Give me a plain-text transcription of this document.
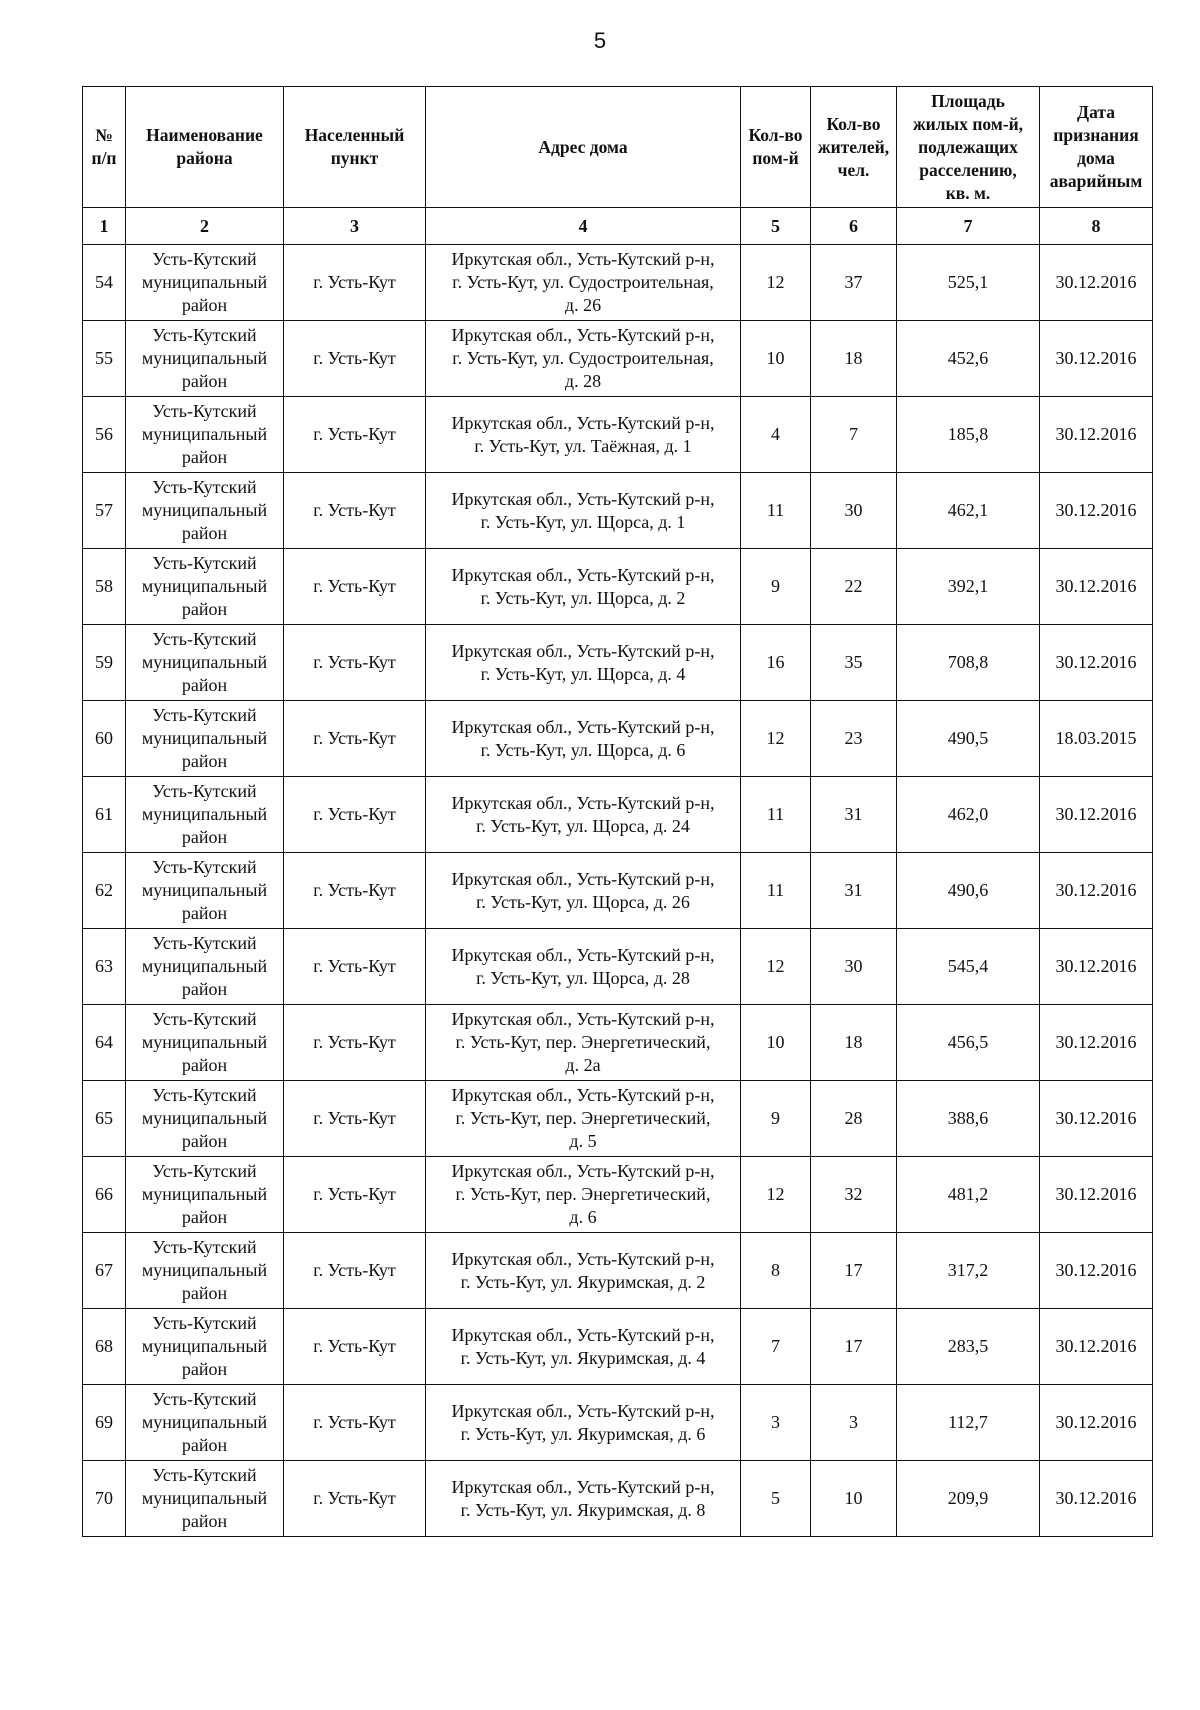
5
№
п/п	Наименование
района	Населенный
пункт	Адрес дома	Кол-во
пом-й	Кол-во
жителей,
чел.	Площадь
жилых пом-й,
подлежащих
расселению,
кв. м.	Дата
признания
дома
аварийным

1	2	3	4	5	6	7	8
54	Усть-Кутский
муниципальный
район	г. Усть-Кут	Иркутская обл., Усть-Кутский р-н,
г. Усть-Кут, ул. Судостроительная,
д. 26	12	37	525,1	30.12.2016
55	Усть-Кутский
муниципальный
район	г. Усть-Кут	Иркутская обл., Усть-Кутский р-н,
г. Усть-Кут, ул. Судостроительная,
д. 28	10	18	452,6	30.12.2016
56	Усть-Кутский
муниципальный
район	г. Усть-Кут	Иркутская обл., Усть-Кутский р-н,
г. Усть-Кут, ул. Таёжная, д. 1	4	7	185,8	30.12.2016
57	Усть-Кутский
муниципальный
район	г. Усть-Кут	Иркутская обл., Усть-Кутский р-н,
г. Усть-Кут, ул. Щорса, д. 1	11	30	462,1	30.12.2016
58	Усть-Кутский
муниципальный
район	г. Усть-Кут	Иркутская обл., Усть-Кутский р-н,
г. Усть-Кут, ул. Щорса, д. 2	9	22	392,1	30.12.2016
59	Усть-Кутский
муниципальный
район	г. Усть-Кут	Иркутская обл., Усть-Кутский р-н,
г. Усть-Кут, ул. Щорса, д. 4	16	35	708,8	30.12.2016
60	Усть-Кутский
муниципальный
район	г. Усть-Кут	Иркутская обл., Усть-Кутский р-н,
г. Усть-Кут, ул. Щорса, д. 6	12	23	490,5	18.03.2015
61	Усть-Кутский
муниципальный
район	г. Усть-Кут	Иркутская обл., Усть-Кутский р-н,
г. Усть-Кут, ул. Щорса, д. 24	11	31	462,0	30.12.2016
62	Усть-Кутский
муниципальный
район	г. Усть-Кут	Иркутская обл., Усть-Кутский р-н,
г. Усть-Кут, ул. Щорса, д. 26	11	31	490,6	30.12.2016
63	Усть-Кутский
муниципальный
район	г. Усть-Кут	Иркутская обл., Усть-Кутский р-н,
г. Усть-Кут, ул. Щорса, д. 28	12	30	545,4	30.12.2016
64	Усть-Кутский
муниципальный
район	г. Усть-Кут	Иркутская обл., Усть-Кутский р-н,
г. Усть-Кут, пер. Энергетический,
д. 2а	10	18	456,5	30.12.2016
65	Усть-Кутский
муниципальный
район	г. Усть-Кут	Иркутская обл., Усть-Кутский р-н,
г. Усть-Кут, пер. Энергетический,
д. 5	9	28	388,6	30.12.2016
66	Усть-Кутский
муниципальный
район	г. Усть-Кут	Иркутская обл., Усть-Кутский р-н,
г. Усть-Кут, пер. Энергетический,
д. 6	12	32	481,2	30.12.2016
67	Усть-Кутский
муниципальный
район	г. Усть-Кут	Иркутская обл., Усть-Кутский р-н,
г. Усть-Кут, ул. Якуримская, д. 2	8	17	317,2	30.12.2016
68	Усть-Кутский
муниципальный
район	г. Усть-Кут	Иркутская обл., Усть-Кутский р-н,
г. Усть-Кут, ул. Якуримская, д. 4	7	17	283,5	30.12.2016
69	Усть-Кутский
муниципальный
район	г. Усть-Кут	Иркутская обл., Усть-Кутский р-н,
г. Усть-Кут, ул. Якуримская, д. 6	3	3	112,7	30.12.2016
70	Усть-Кутский
муниципальный
район	г. Усть-Кут	Иркутская обл., Усть-Кутский р-н,
г. Усть-Кут, ул. Якуримская, д. 8	5	10	209,9	30.12.2016
